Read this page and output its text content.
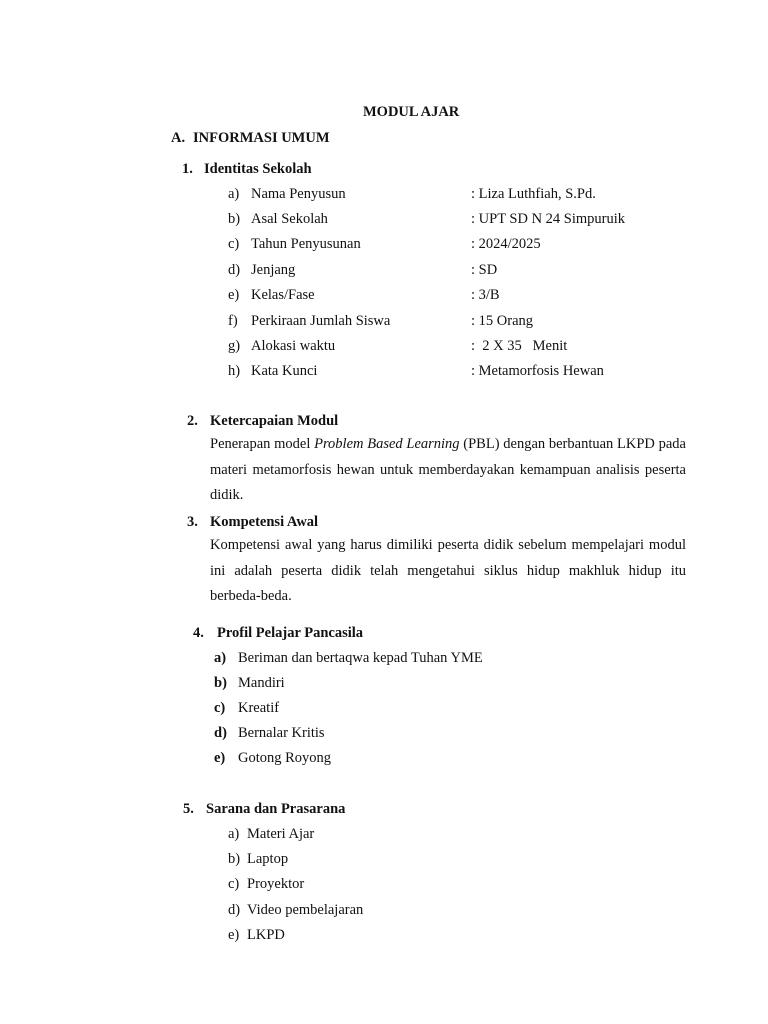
MODUL AJAR
A. INFORMASI UMUM
1. Identitas Sekolah
a) Nama Penyusun	: Liza Luthfiah, S.Pd.
b) Asal Sekolah	: UPT SD N 24 Simpuruik
c) Tahun Penyusunan	: 2024/2025
d) Jenjang	: SD
e) Kelas/Fase	: 3/B
f) Perkiraan Jumlah Siswa	: 15 Orang
g) Alokasi waktu	:  2 X 35   Menit
h) Kata Kunci	: Metamorfosis Hewan
2. Ketercapaian Modul
Penerapan model Problem Based Learning (PBL) dengan berbantuan LKPD pada materi metamorfosis hewan untuk memberdayakan kemampuan analisis peserta didik.
3. Kompetensi Awal
Kompetensi awal yang harus dimiliki peserta didik sebelum mempelajari modul ini adalah peserta didik telah mengetahui siklus hidup makhluk hidup itu berbeda-beda.
4. Profil Pelajar Pancasila
a) Beriman dan bertaqwa kepad Tuhan YME
b) Mandiri
c) Kreatif
d) Bernalar Kritis
e) Gotong Royong
5. Sarana dan Prasarana
a) Materi Ajar
b) Laptop
c) Proyektor
d) Video pembelajaran
e) LKPD
